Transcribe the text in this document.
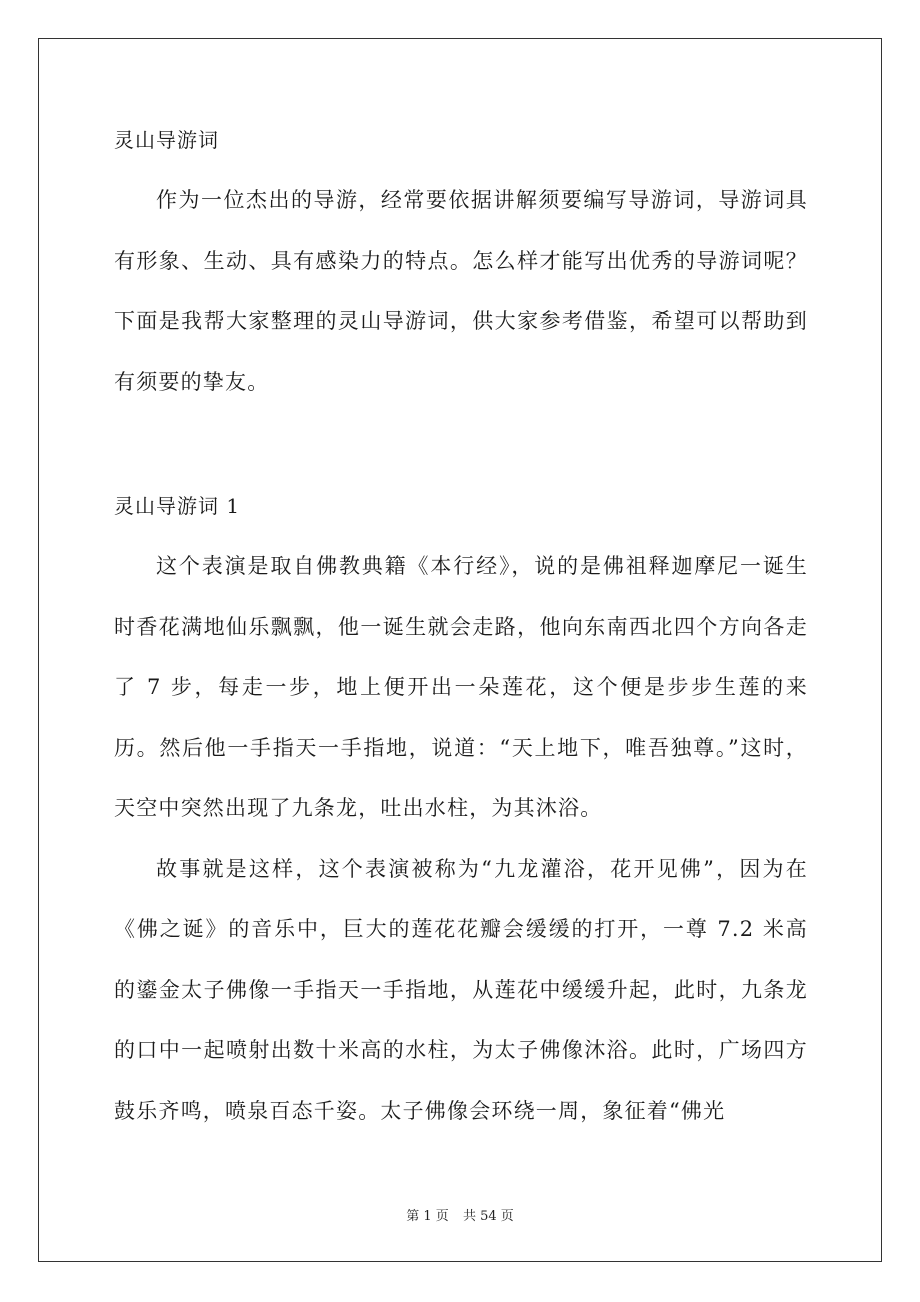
灵山导游词

作为一位杰出的导游，经常要依据讲解须要编写导游词，导游词具有形象、生动、具有感染力的特点。怎么样才能写出优秀的导游词呢？下面是我帮大家整理的灵山导游词，供大家参考借鉴，希望可以帮助到有须要的挚友。

灵山导游词 1

这个表演是取自佛教典籍《本行经》，说的是佛祖释迦摩尼一诞生时香花满地仙乐飘飘，他一诞生就会走路，他向东南西北四个方向各走了 7 步，每走一步，地上便开出一朵莲花，这个便是步步生莲的来历。然后他一手指天一手指地，说道：“天上地下，唯吾独尊。”这时，天空中突然出现了九条龙，吐出水柱，为其沐浴。

故事就是这样，这个表演被称为“九龙灌浴，花开见佛”，因为在《佛之诞》的音乐中，巨大的莲花花瓣会缓缓的打开，一尊 7.2 米高的鎏金太子佛像一手指天一手指地，从莲花中缓缓升起，此时，九条龙的口中一起喷射出数十米高的水柱，为太子佛像沐浴。此时，广场四方鼓乐齐鸣，喷泉百态千姿。太子佛像会环绕一周，象征着“佛光

第 1 页 共 54 页
